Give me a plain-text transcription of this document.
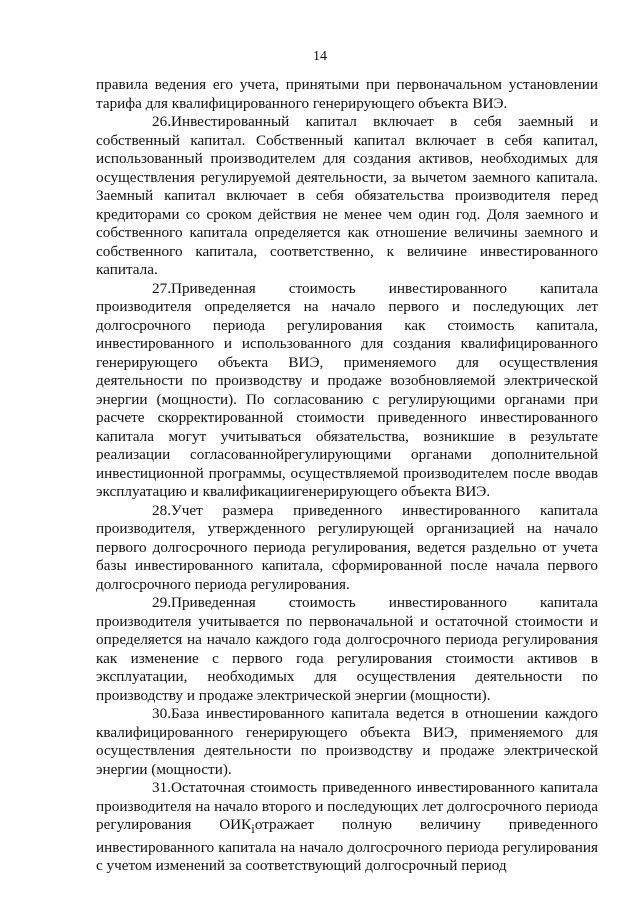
14

правила ведения его учета, принятыми при первоначальном установлении тарифа для квалифицированного генерирующего объекта ВИЭ.

26.Инвестированный капитал включает в себя заемный и собственный капитал. Собственный капитал включает в себя капитал, использованный производителем для создания активов, необходимых для осуществления регулируемой деятельности, за вычетом заемного капитала. Заемный капитал включает в себя обязательства производителя перед кредиторами со сроком действия не менее чем один год. Доля заемного и собственного капитала определяется как отношение величины заемного и собственного капитала, соответственно, к величине инвестированного капитала.

27.Приведенная стоимость инвестированного капитала производителя определяется на начало первого и последующих лет долгосрочного периода регулирования как стоимость капитала, инвестированного и использованного для создания квалифицированного генерирующего объекта ВИЭ, применяемого для осуществления деятельности по производству и продаже возобновляемой электрической энергии (мощности). По согласованию с регулирующими органами при расчете скорректированной стоимости приведенного инвестированного капитала могут учитываться обязательства, возникшие в результате реализации согласованнойрегулирующими органами дополнительной инвестиционной программы, осуществляемой производителем после вводав эксплуатацию и квалификациигенерирующего объекта ВИЭ.

28.Учет размера приведенного инвестированного капитала производителя, утвержденного регулирующей организацией на начало первого долгосрочного периода регулирования, ведется раздельно от учета базы инвестированного капитала, сформированной после начала первого долгосрочного периода регулирования.

29.Приведенная стоимость инвестированного капитала производителя учитывается по первоначальной и остаточной стоимости и определяется на начало каждого года долгосрочного периода регулирования как изменение с первого года регулирования стоимости активов в эксплуатации, необходимых для осуществления деятельности по производству и продаже электрической энергии (мощности).

30.База инвестированного капитала ведется в отношении каждого квалифицированного генерирующего объекта ВИЭ, применяемого для осуществления деятельности по производству и продаже электрической энергии (мощности).

31.Остаточная стоимость приведенного инвестированного капитала производителя на начало второго и последующих лет долгосрочного периода регулирования $ОИК_iотражает$ полную величину приведенного инвестированного капитала на начало долгосрочного периода регулирования с учетом изменений за соответствующий долгосрочный период
